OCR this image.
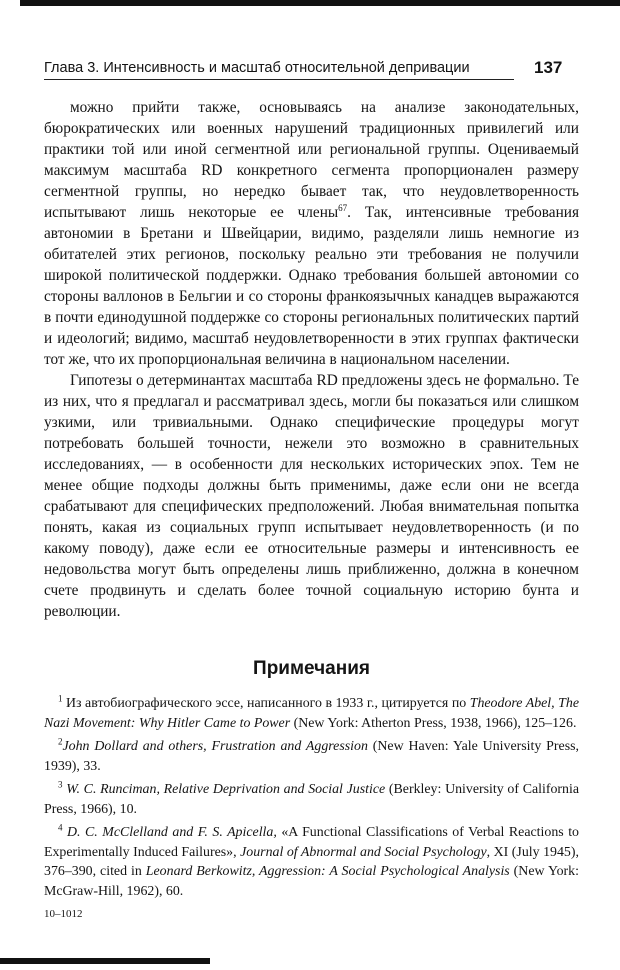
Глава 3. Интенсивность и масштаб относительной депривации	137

можно прийти также, основываясь на анализе законодательных, бюрократических или военных нарушений традиционных привилегий или практики той или иной сегментной или региональной группы. Оцениваемый максимум масштаба RD конкретного сегмента пропорционален размеру сегментной группы, но нередко бывает так, что неудовлетворенность испытывают лишь некоторые ее члены$^{67}$. Так, интенсивные требования автономии в Бретани и Швейцарии, видимо, разделяли лишь немногие из обитателей этих регионов, поскольку реально эти требования не получили широкой политической поддержки. Однако требования большей автономии со стороны валлонов в Бельгии и со стороны франкоязычных канадцев выражаются в почти единодушной поддержке со стороны региональных политических партий и идеологий; видимо, масштаб неудовлетворенности в этих группах фактически тот же, что их пропорциональная величина в национальном населении.

Гипотезы о детерминантах масштаба RD предложены здесь не формально. Те из них, что я предлагал и рассматривал здесь, могли бы показаться или слишком узкими, или тривиальными. Однако специфические процедуры могут потребовать большей точности, нежели это возможно в сравнительных исследованиях, — в особенности для нескольких исторических эпох. Тем не менее общие подходы должны быть применимы, даже если они не всегда срабатывают для специфических предположений. Любая внимательная попытка понять, какая из социальных групп испытывает неудовлетворенность (и по какому поводу), даже если ее относительные размеры и интенсивность ее недовольства могут быть определены лишь приближенно, должна в конечном счете продвинуть и сделать более точной социальную историю бунта и революции.

Примечания

$^1$ Из автобиографического эссе, написанного в 1933 г., цитируется по Theodore Abel, The Nazi Movement: Why Hitler Came to Power (New York: Atherton Press, 1938, 1966), 125–126.

$^2$John Dollard and others, Frustration and Aggression (New Haven: Yale University Press, 1939), 33.

$^3$ W. C. Runciman, Relative Deprivation and Social Justice (Berkley: University of California Press, 1966), 10.

$^4$ D. C. McClelland and F. S. Apicella, «A Functional Classifications of Verbal Reactions to Experimentally Induced Failures», Journal of Abnormal and Social Psychology, XI (July 1945), 376–390, cited in Leonard Berkowitz, Aggression: A Social Psychological Analysis (New York: McGraw-Hill, 1962), 60.

10–1012
